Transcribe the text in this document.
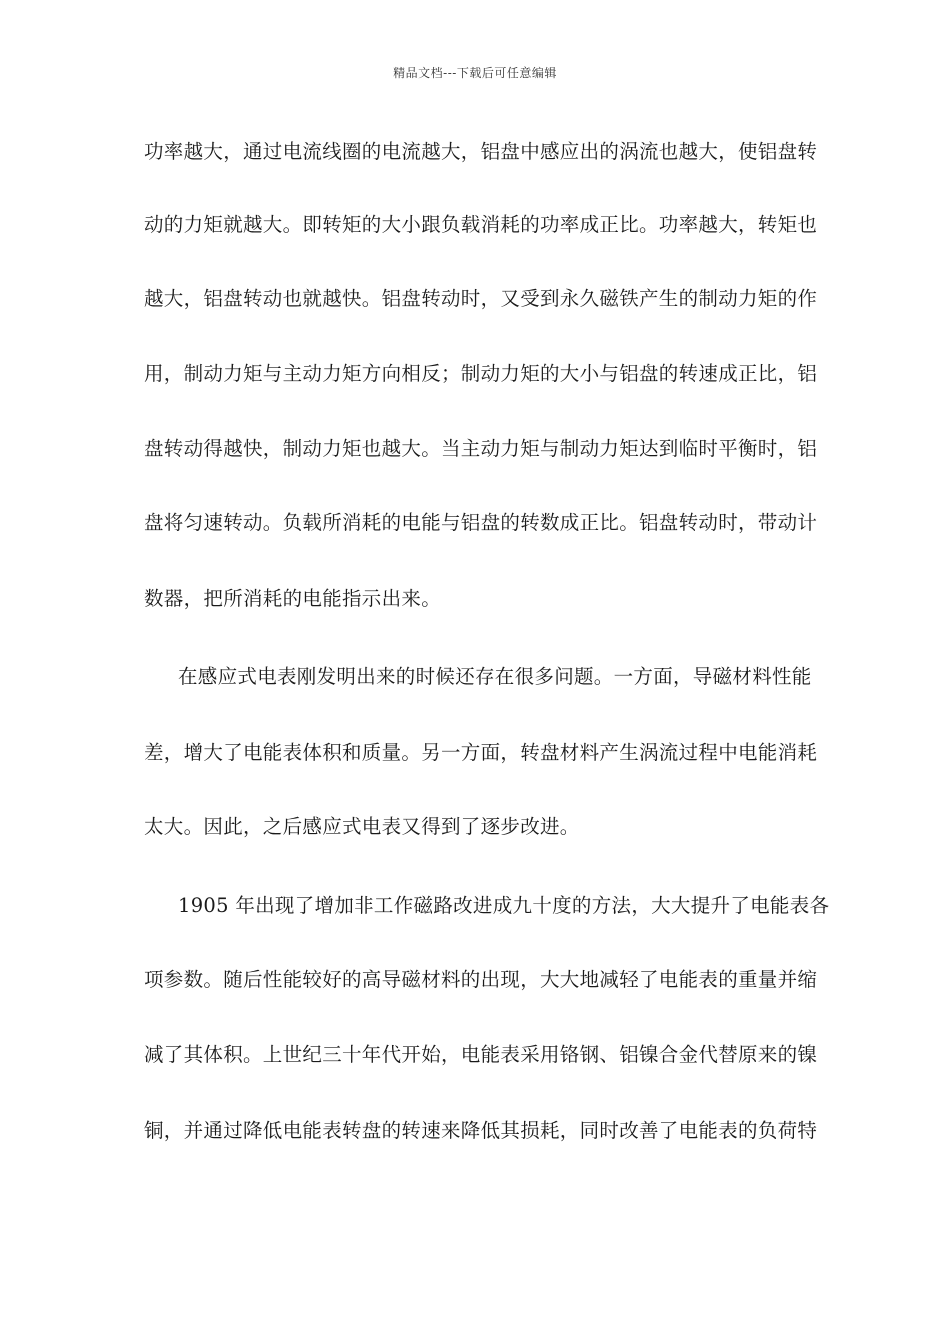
精品文档---下载后可任意编辑
功率越大，通过电流线圈的电流越大，铝盘中感应出的涡流也越大，使铝盘转
动的力矩就越大。即转矩的大小跟负载消耗的功率成正比。功率越大，转矩也
越大，铝盘转动也就越快。铝盘转动时，又受到永久磁铁产生的制动力矩的作
用，制动力矩与主动力矩方向相反；制动力矩的大小与铝盘的转速成正比，铝
盘转动得越快，制动力矩也越大。当主动力矩与制动力矩达到临时平衡时，铝
盘将匀速转动。负载所消耗的电能与铝盘的转数成正比。铝盘转动时，带动计
数器，把所消耗的电能指示出来。
在感应式电表刚发明出来的时候还存在很多问题。一方面，导磁材料性能
差，增大了电能表体积和质量。另一方面，转盘材料产生涡流过程中电能消耗
太大。因此，之后感应式电表又得到了逐步改进。
1905 年出现了增加非工作磁路改进成九十度的方法，大大提升了电能表各
项参数。随后性能较好的高导磁材料的出现，大大地减轻了电能表的重量并缩
减了其体积。上世纪三十年代开始，电能表采用铬钢、铝镍合金代替原来的镍
铜，并通过降低电能表转盘的转速来降低其损耗，同时改善了电能表的负荷特
